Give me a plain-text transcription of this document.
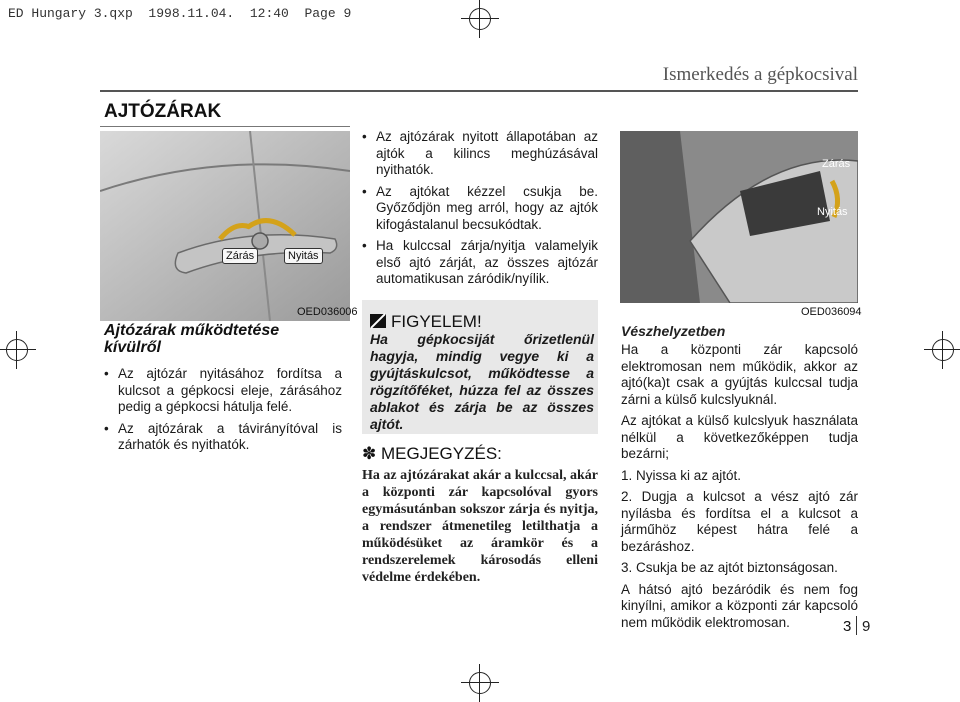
ED Hungary 3.qxp  1998.11.04.  12:40  Page 9
Ismerkedés a gépkocsival
AJTÓZÁRAK
Zárás	Nyitás
OED036006
Zárás
Nyitás
OED036094
Ajtózárak működtetése
kívülről
• Az ajtózár nyitásához fordítsa a kulcsot a gépkocsi eleje, zárásához pedig a gépkocsi hátulja felé.
• Az ajtózárak a távirányítóval is zárhatók és nyithatók.
• Az ajtózárak nyitott állapotában az ajtók a kilincs meghúzásával nyithatók.
• Az ajtókat kézzel csukja be. Győződjön meg arról, hogy az ajtók kifogástalanul becsukódtak.
• Ha kulccsal zárja/nyitja valamelyik első ajtó zárját, az összes ajtózár automatikusan záródik/nyílik.
FIGYELEM!
Ha gépkocsiját őrizetlenül hagyja, mindig vegye ki a gyújtáskulcsot, működtesse a rögzítőféket, húzza fel az összes ablakot és zárja be az összes ajtót.
✽ MEGJEGYZÉS:
Ha az ajtózárakat akár a kulccsal, akár a központi zár kapcsolóval gyors egymásutánban sokszor zárja és nyitja, a rendszer átmenetileg letilthatja a működésüket az áramkör és a rendszerelemek károsodás elleni védelme érdekében.
Vészhelyzetben

Ha a központi zár kapcsoló elektromosan nem működik, akkor az ajtó(ka)t csak a gyújtás kulccsal tudja zárni a külső kulcslyuknál.

Az ajtókat a külső kulcslyuk használata nélkül a következőképpen tudja bezárni;

1. Nyissa ki az ajtót.
2. Dugja a kulcsot a vész ajtó zár nyílásba és fordítsa el a kulcsot a járműhöz képest hátra felé a bezáráshoz.
3. Csukja be az ajtót biztonságosan.

A hátsó ajtó bezáródik és nem fog kinyílni, amikor a központi zár kapcsoló nem működik elektromosan.	3 9
